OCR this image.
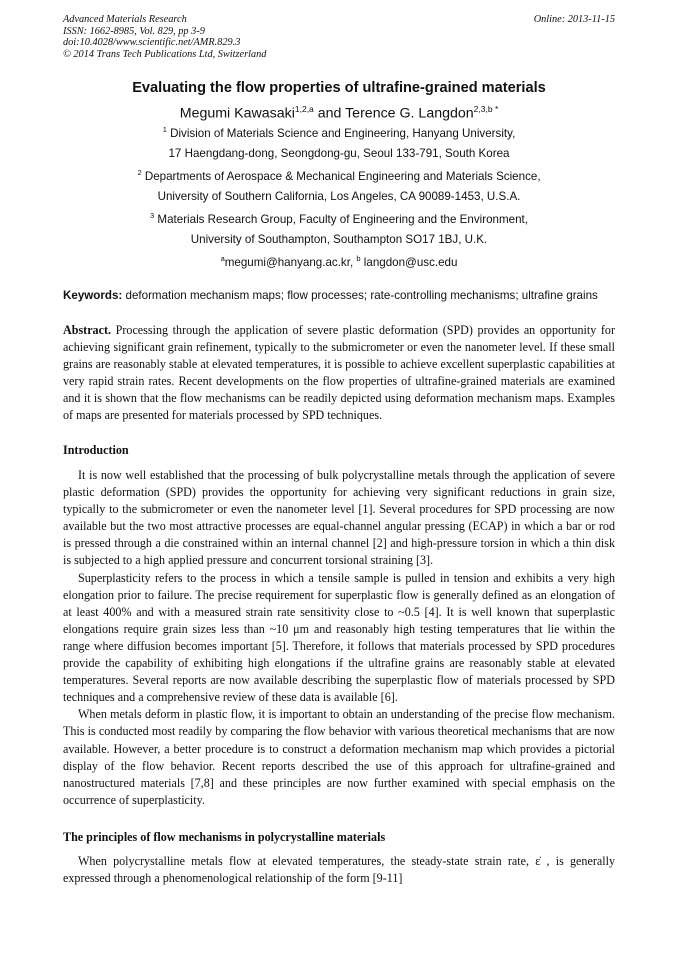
Advanced Materials Research
ISSN: 1662-8985, Vol. 829, pp 3-9
doi:10.4028/www.scientific.net/AMR.829.3
© 2014 Trans Tech Publications Ltd, Switzerland
Online: 2013-11-15
Evaluating the flow properties of ultrafine-grained materials
Megumi Kawasaki$^{1,2,a}$ and Terence G. Langdon$^{2,3,b *}$
$^1$ Division of Materials Science and Engineering, Hanyang University,
17 Haengdang-dong, Seongdong-gu, Seoul 133-791, South Korea
$^2$ Departments of Aerospace & Mechanical Engineering and Materials Science,
University of Southern California, Los Angeles, CA 90089-1453, U.S.A.
$^3$ Materials Research Group, Faculty of Engineering and the Environment,
University of Southampton, Southampton SO17 1BJ, U.K.
$^a$megumi@hanyang.ac.kr, $^b$ langdon@usc.edu
Keywords: deformation mechanism maps; flow processes; rate-controlling mechanisms; ultrafine grains

Abstract. Processing through the application of severe plastic deformation (SPD) provides an opportunity for achieving significant grain refinement, typically to the submicrometer or even the nanometer level. If these small grains are reasonably stable at elevated temperatures, it is possible to achieve excellent superplastic capabilities at very rapid strain rates. Recent developments on the flow properties of ultrafine-grained materials are examined and it is shown that the flow mechanisms can be readily depicted using deformation mechanism maps. Examples of maps are presented for materials processed by SPD techniques.

Introduction

It is now well established that the processing of bulk polycrystalline metals through the application of severe plastic deformation (SPD) provides the opportunity for achieving very significant reductions in grain size, typically to the submicrometer or even the nanometer level [1]. Several procedures for SPD processing are now available but the two most attractive processes are equal-channel angular pressing (ECAP) in which a bar or rod is pressed through a die constrained within an internal channel [2] and high-pressure torsion in which a thin disk is subjected to a high applied pressure and concurrent torsional straining [3].

Superplasticity refers to the process in which a tensile sample is pulled in tension and exhibits a very high elongation prior to failure. The precise requirement for superplastic flow is generally defined as an elongation of at least 400% and with a measured strain rate sensitivity close to ~0.5 [4]. It is well known that superplastic elongations require grain sizes less than ~10 μm and reasonably high testing temperatures that lie within the range where diffusion becomes important [5]. Therefore, it follows that materials processed by SPD procedures provide the capability of exhibiting high elongations if the ultrafine grains are reasonably stable at elevated temperatures. Several reports are now available describing the superplastic flow of materials processed by SPD techniques and a comprehensive review of these data is available [6].

When metals deform in plastic flow, it is important to obtain an understanding of the precise flow mechanism. This is conducted most readily by comparing the flow behavior with various theoretical mechanisms that are now available. However, a better procedure is to construct a deformation mechanism map which provides a pictorial display of the flow behavior. Recent reports described the use of this approach for ultrafine-grained and nanostructured materials [7,8] and these principles are now further examined with special emphasis on the occurrence of superplasticity.

The principles of flow mechanisms in polycrystalline materials

When polycrystalline metals flow at elevated temperatures, the steady-state strain rate, ε̇ , is generally expressed through a phenomenological relationship of the form [9-11]
